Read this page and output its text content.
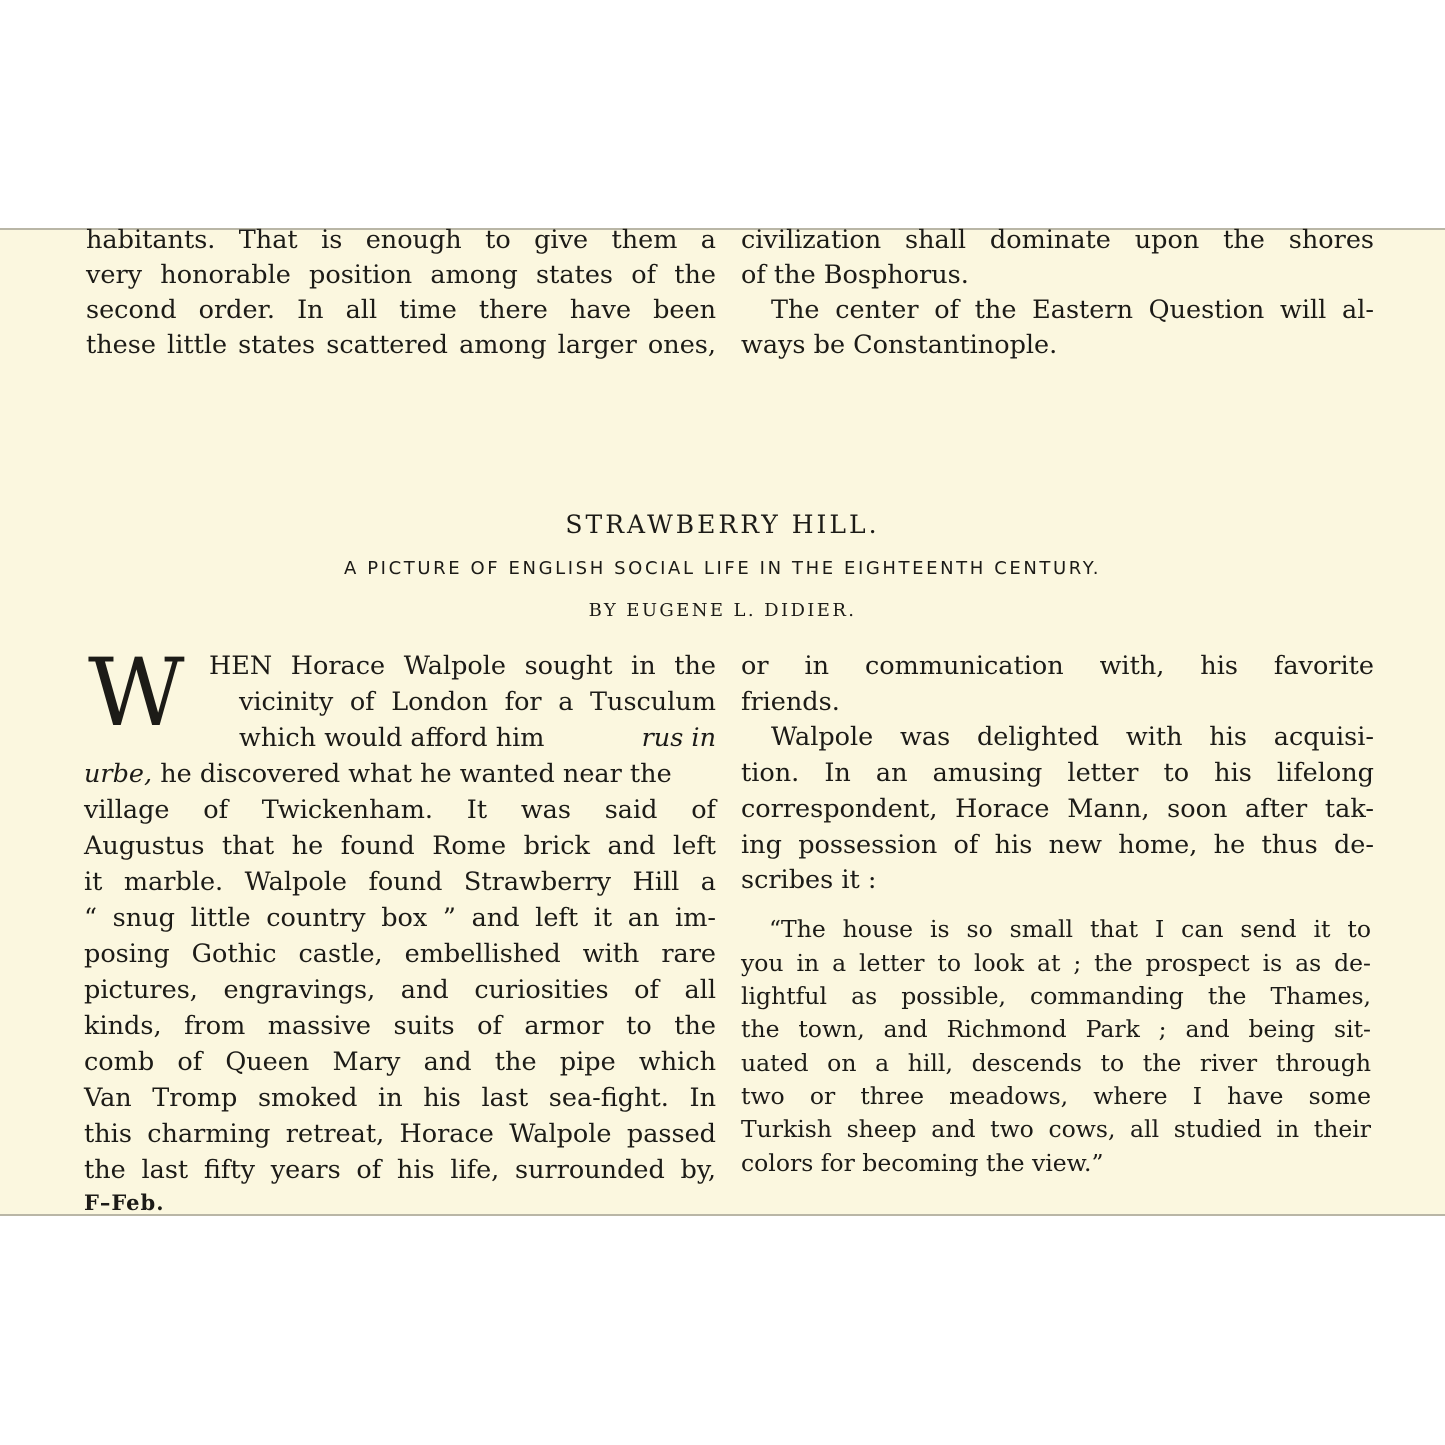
habitants. That is enough to give them a
very honorable position among states of the
second order. In all time there have been
these little states scattered among larger ones,
civilization shall dominate upon the shores
of the Bosphorus.
The center of the Eastern Question will al-
ways be Constantinople.
STRAWBERRY HILL.
A PICTURE OF ENGLISH SOCIAL LIFE IN THE EIGHTEENTH CENTURY.
BY EUGENE L. DIDIER.
W HEN Horace Walpole sought in the
vicinity of London for a Tusculum
which would afford him	rus in
urbe, he discovered what he wanted near the
village of Twickenham. It was said of
Augustus that he found Rome brick and left
it marble. Walpole found Strawberry Hill a
“ snug little country box ” and left it an im-
posing Gothic castle, embellished with rare
pictures, engravings, and curiosities of all
kinds, from massive suits of armor to the
comb of Queen Mary and the pipe which
Van Tromp smoked in his last sea-fight. In
this charming retreat, Horace Walpole passed
the last fifty years of his life, surrounded by,
or in communication with, his favorite
friends.
Walpole was delighted with his acquisi-
tion. In an amusing letter to his lifelong
correspondent, Horace Mann, soon after tak-
ing possession of his new home, he thus de-
scribes it :
“The house is so small that I can send it to
you in a letter to look at ; the prospect is as de-
lightful as possible, commanding the Thames,
the town, and Richmond Park ; and being sit-
uated on a hill, descends to the river through
two or three meadows, where I have some
Turkish sheep and two cows, all studied in their
colors for becoming the view.”
F–Feb.
